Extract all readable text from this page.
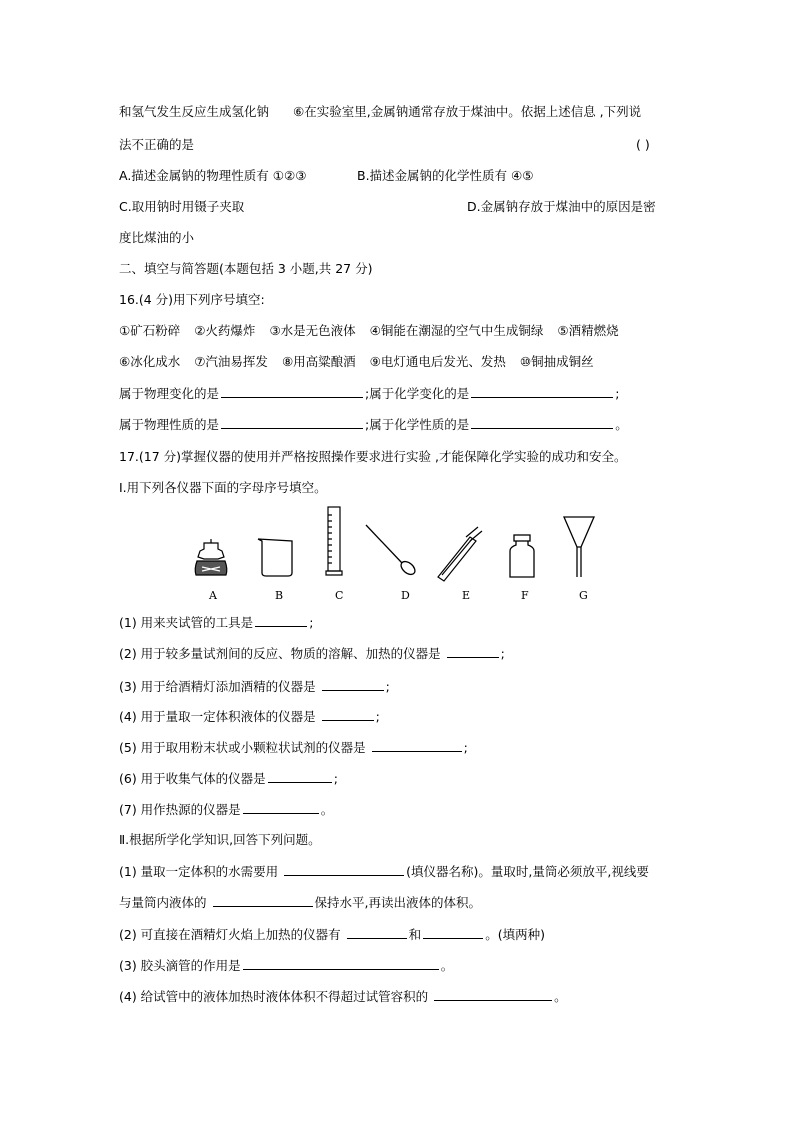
和氢气发生反应生成氢化钠 ⑥在实验室里,金属钠通常存放于煤油中。依据上述信息 ,下列说
法不正确的是	( )
A.描述金属钠的物理性质有 ①②③	B.描述金属钠的化学性质有 ④⑤
C.取用钠时用镊子夹取	D.金属钠存放于煤油中的原因是密
度比煤油的小
二、填空与简答题(本题包括 3 小题,共 27 分)
16.(4 分)用下列序号填空:
①矿石粉碎 ②火药爆炸 ③水是无色液体 ④铜能在潮湿的空气中生成铜绿 ⑤酒精燃烧
⑥冰化成水 ⑦汽油易挥发 ⑧用高粱酿酒 ⑨电灯通电后发光、发热 ⑩铜抽成铜丝
属于物理变化的是	;属于化学变化的是	;
属于物理性质的是	;属于化学性质的是	。
17.(17 分)掌握仪器的使用并严格按照操作要求进行实验 ,才能保障化学实验的成功和安全。
Ⅰ.用下列各仪器下面的字母序号填空。
A	B	C	D	E	F	G
(1) 用来夹试管的工具是	;
(2) 用于较多量试剂间的反应、物质的溶解、加热的仪器是	;
(3) 用于给酒精灯添加酒精的仪器是	;
(4) 用于量取一定体积液体的仪器是	;
(5) 用于取用粉末状或小颗粒状试剂的仪器是	;
(6) 用于收集气体的仪器是	;
(7) 用作热源的仪器是	。
Ⅱ.根据所学化学知识,回答下列问题。
(1) 量取一定体积的水需要用	(填仪器名称)。量取时,量筒必须放平,视线要
与量筒内液体的	保持水平,再读出液体的体积。
(2) 可直接在酒精灯火焰上加热的仪器有	和	。(填两种)
(3) 胶头滴管的作用是	。
(4) 给试管中的液体加热时液体体积不得超过试管容积的	。
